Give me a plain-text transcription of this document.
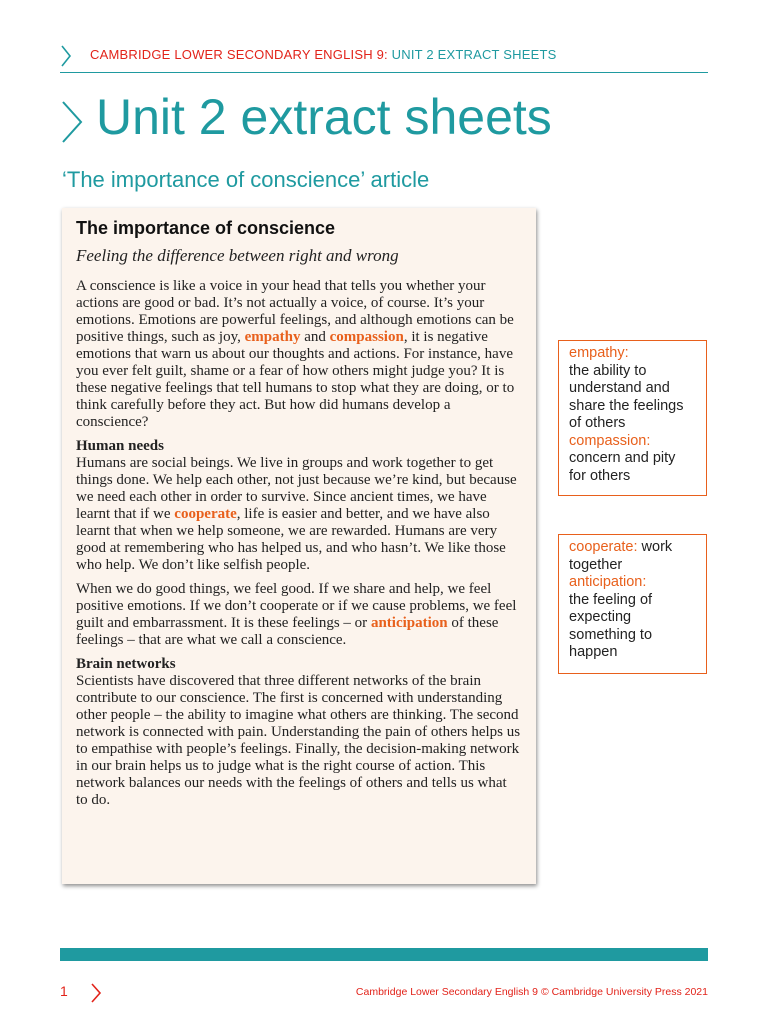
CAMBRIDGE LOWER SECONDARY ENGLISH 9: UNIT 2 EXTRACT SHEETS
Unit 2 extract sheets
‘The importance of conscience’ article
The importance of conscience
Feeling the difference between right and wrong

A conscience is like a voice in your head that tells you whether your actions are good or bad. It’s not actually a voice, of course. It’s your emotions. Emotions are powerful feelings, and although emotions can be positive things, such as joy, empathy and compassion, it is negative emotions that warn us about our thoughts and actions. For instance, have you ever felt guilt, shame or a fear of how others might judge you? It is these negative feelings that tell humans to stop what they are doing, or to think carefully before they act. But how did humans develop a conscience?

Human needs

Humans are social beings. We live in groups and work together to get things done. We help each other, not just because we’re kind, but because we need each other in order to survive. Since ancient times, we have learnt that if we cooperate, life is easier and better, and we have also learnt that when we help someone, we are rewarded. Humans are very good at remembering who has helped us, and who hasn’t. We like those who help. We don’t like selfish people.

When we do good things, we feel good. If we share and help, we feel positive emotions. If we don’t cooperate or if we cause problems, we feel guilt and embarrassment. It is these feelings – or anticipation of these feelings – that are what we call a conscience.

Brain networks

Scientists have discovered that three different networks of the brain contribute to our conscience. The first is concerned with understanding other people – the ability to imagine what others are thinking. The second network is connected with pain. Understanding the pain of others helps us to empathise with people’s feelings. Finally, the decision-making network in our brain helps us to judge what is the right course of action. This network balances our needs with the feelings of others and tells us what to do.

empathy:
the ability to understand and share the feelings of others
compassion:
concern and pity for others
cooperate: work together
anticipation:
the feeling of expecting something to happen
1	Cambridge Lower Secondary English 9 © Cambridge University Press 2021
